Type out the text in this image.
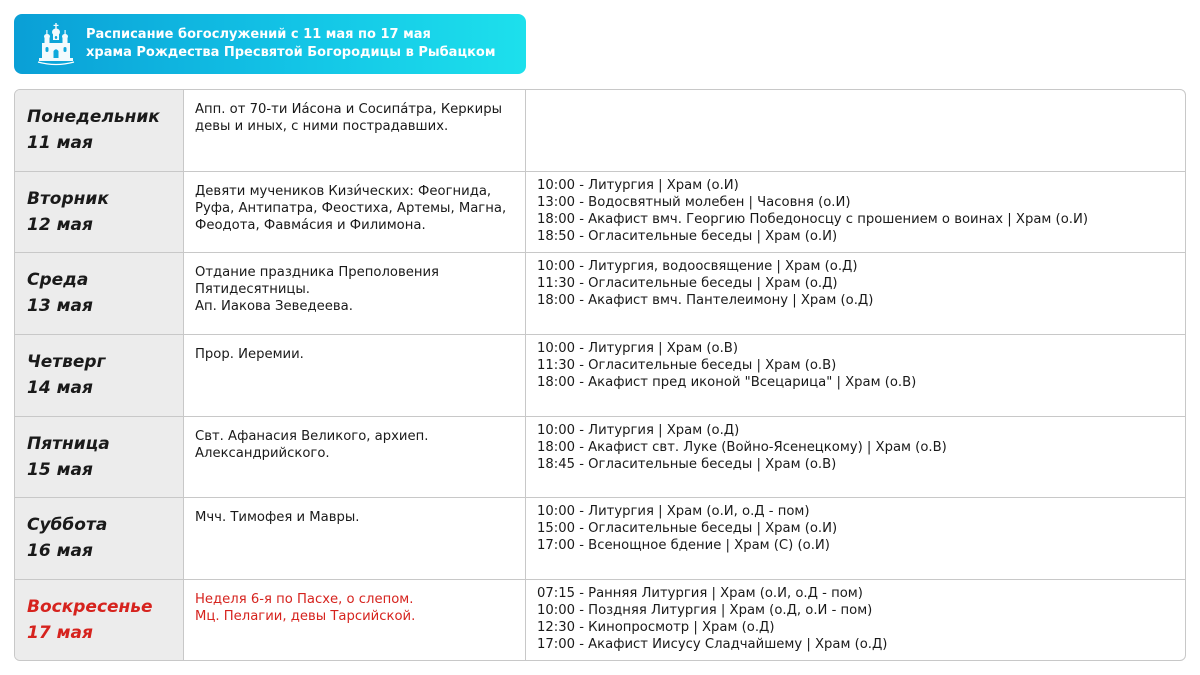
Расписание богослужений с 11 мая по 17 мая
храма Рождества Пресвятой Богородицы в Рыбацком
Понедельник
11 мая
Апп. от 70-ти Иа́сона и Сосипа́тра, Керкиры
девы и иных, с ними пострадавших.
Вторник
12 мая
Девяти мучеников Кизи́ческих: Феогнида,
Руфа, Антипатра, Феостиха, Артемы, Магна,
Феодота, Фавма́сия и Филимона.
10:00 - Литургия | Храм (о.И)
13:00 - Водосвятный молебен | Часовня (о.И)
18:00 - Акафист вмч. Георгию Победоносцу с прошением о воинах | Храм (о.И)
18:50 - Огласительные беседы | Храм (о.И)
Среда
13 мая
Отдание праздника Преполовения
Пятидесятницы.
Ап. Иакова Зеведеева.
10:00 - Литургия, водоосвящение | Храм (о.Д)
11:30 - Огласительные беседы | Храм (о.Д)
18:00 - Акафист вмч. Пантелеимону | Храм (о.Д)
Четверг
14 мая
Прор. Иеремии.	10:00 - Литургия | Храм (о.В)
11:30 - Огласительные беседы | Храм (о.В)
18:00 - Акафист пред иконой "Всецарица" | Храм (о.В)
Пятница
15 мая
Свт. Афанасия Великого, архиеп.
Александрийского.
10:00 - Литургия | Храм (о.Д)
18:00 - Акафист свт. Луке (Войно-Ясенецкому) | Храм (о.В)
18:45 - Огласительные беседы | Храм (о.В)
Суббота
16 мая
Мчч. Тимофея и Мавры.	10:00 - Литургия | Храм (о.И, о.Д - пом)
15:00 - Огласительные беседы | Храм (о.И)
17:00 - Всенощное бдение | Храм (С) (о.И)
Воскресенье
17 мая
Неделя 6-я по Пасхе, о слепом.
Мц. Пелагии, девы Тарсийской.
07:15 - Ранняя Литургия | Храм (о.И, о.Д - пом)
10:00 - Поздняя Литургия | Храм (о.Д, о.И - пом)
12:30 - Кинопросмотр | Храм (о.Д)
17:00 - Акафист Иисусу Сладчайшему | Храм (о.Д)
